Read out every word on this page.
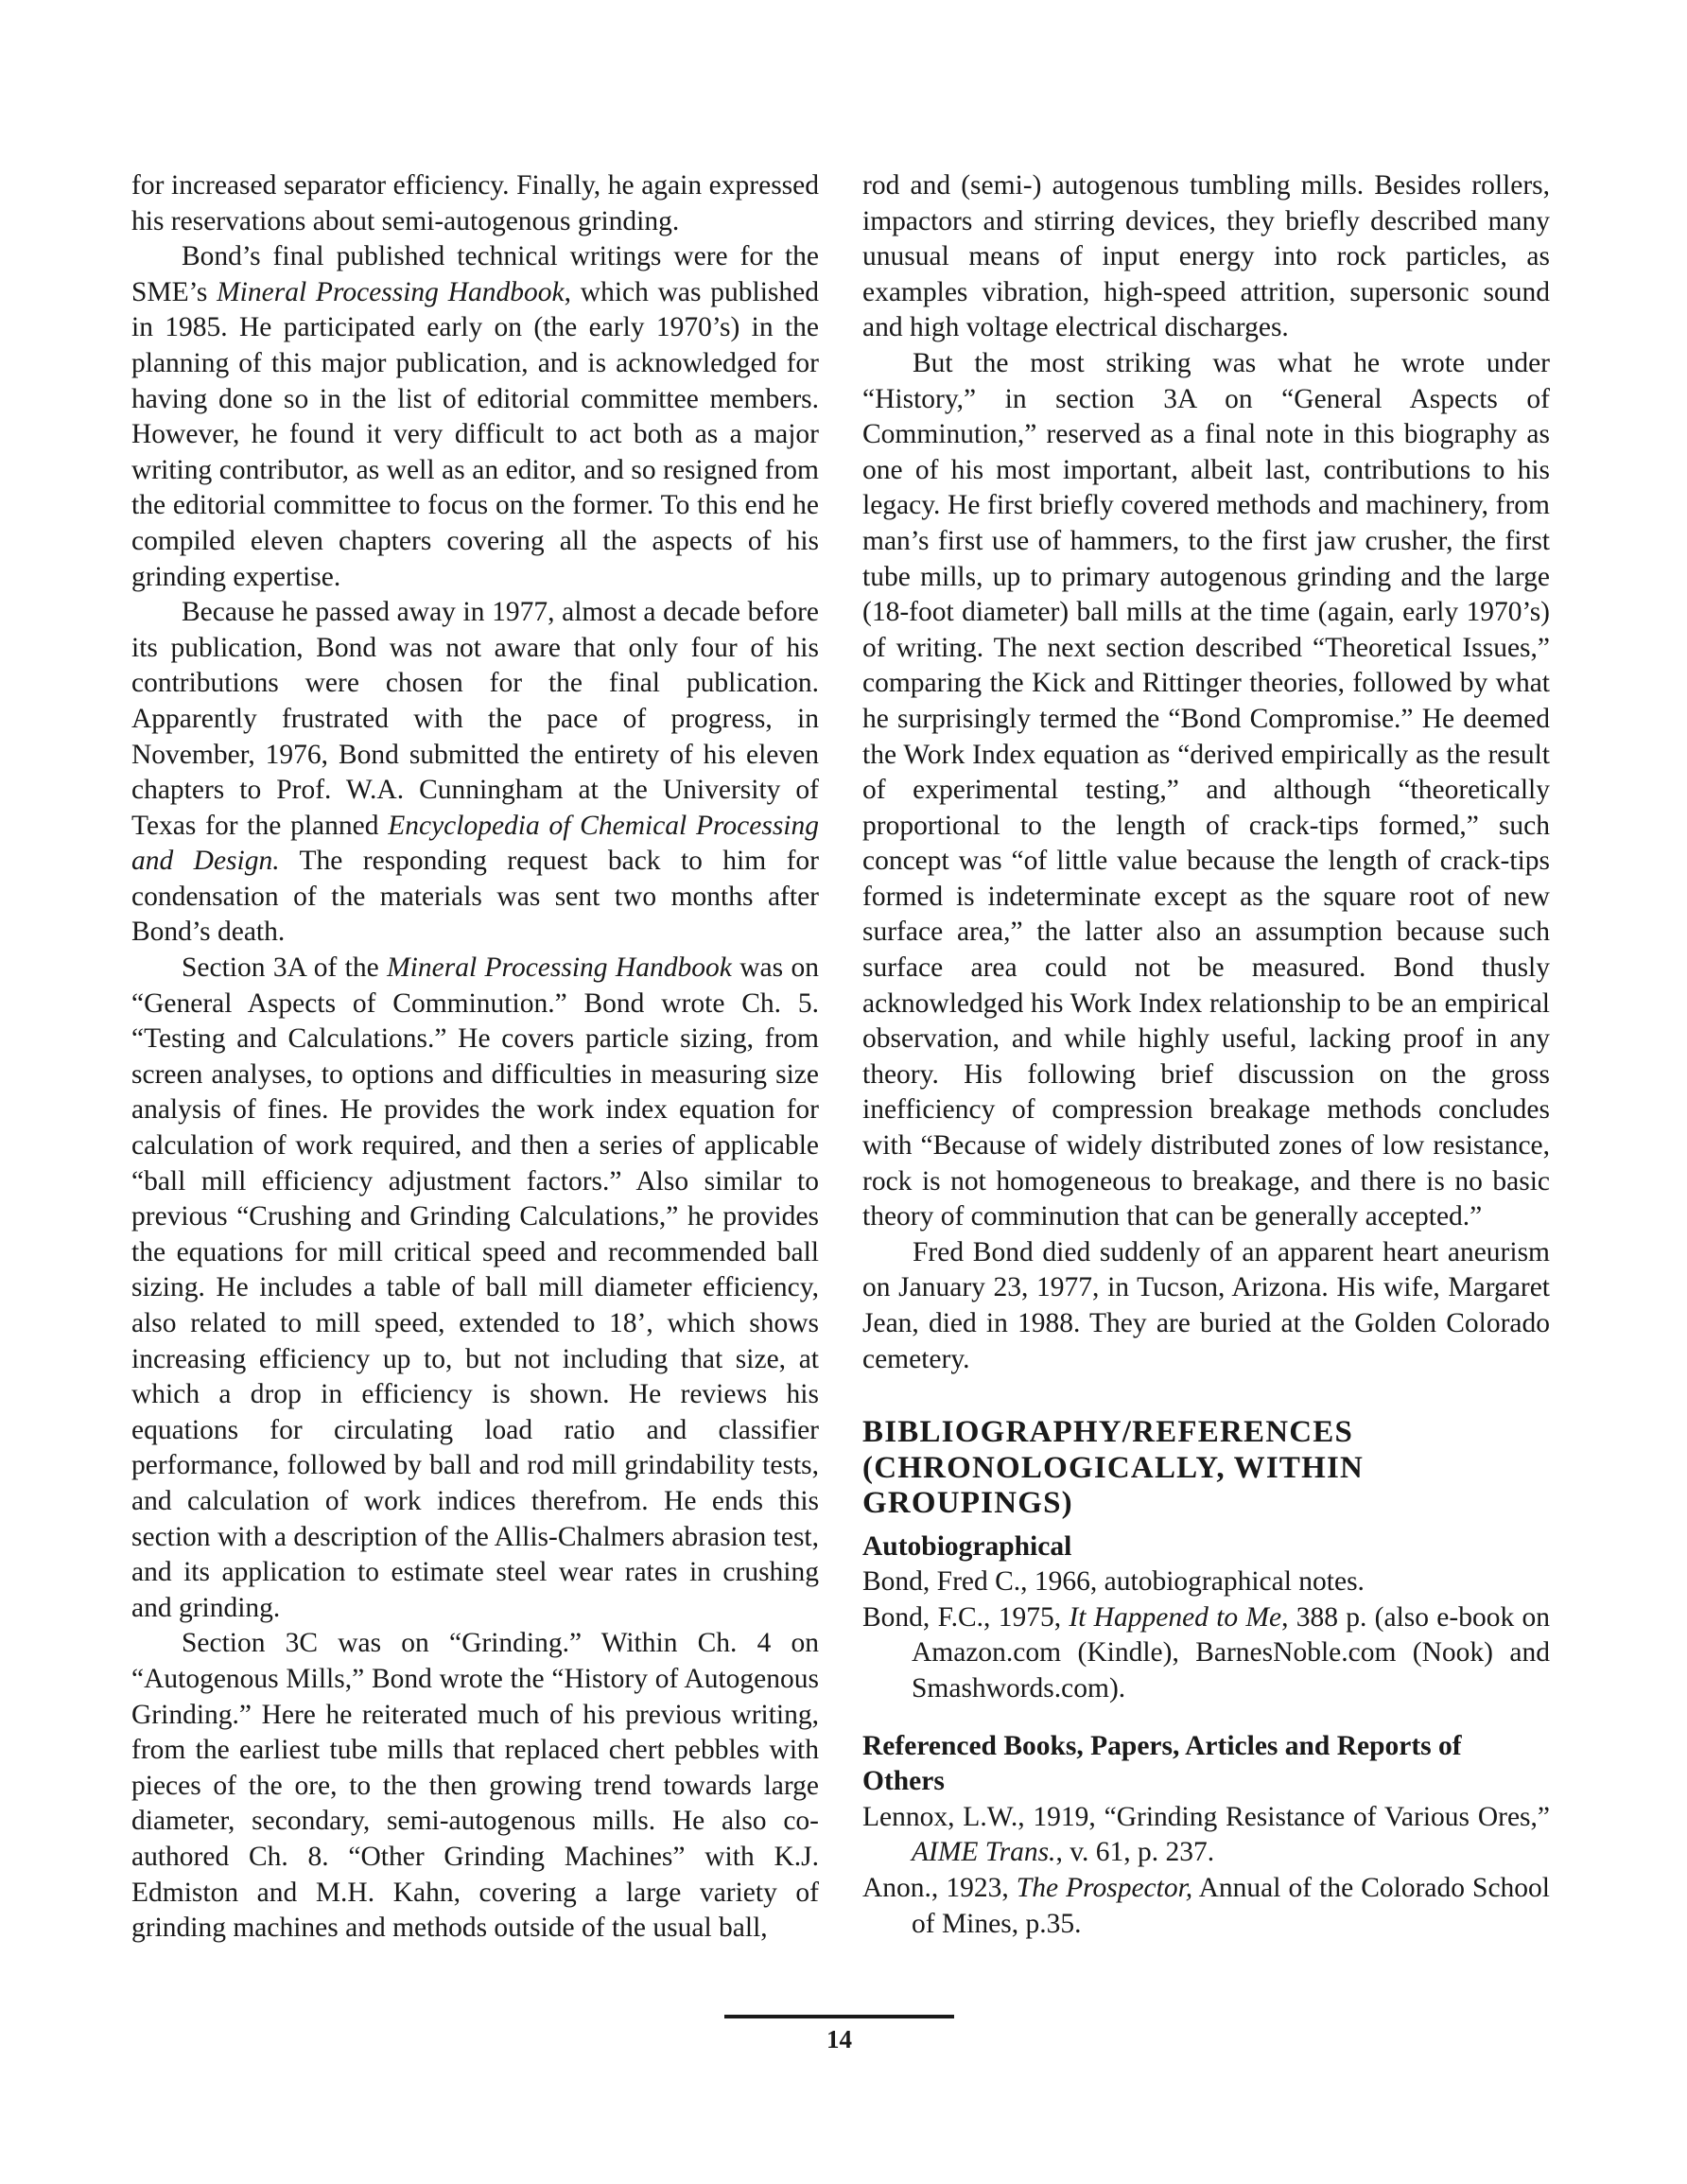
for increased separator efficiency. Finally, he again expressed his reservations about semi-autogenous grinding.

Bond’s final published technical writings were for the SME’s Mineral Processing Handbook, which was published in 1985. He participated early on (the early 1970’s) in the planning of this major publication, and is acknowledged for having done so in the list of editorial committee members. However, he found it very difficult to act both as a major writing contributor, as well as an editor, and so resigned from the editorial committee to focus on the former. To this end he compiled eleven chapters covering all the aspects of his grinding expertise.

Because he passed away in 1977, almost a decade before its publication, Bond was not aware that only four of his contributions were chosen for the final publication. Apparently frustrated with the pace of progress, in November, 1976, Bond submitted the entirety of his eleven chapters to Prof. W.A. Cunningham at the University of Texas for the planned Encyclopedia of Chemical Processing and Design. The responding request back to him for condensation of the materials was sent two months after Bond’s death.

Section 3A of the Mineral Processing Handbook was on “General Aspects of Comminution.” Bond wrote Ch. 5. “Testing and Calculations.” He covers particle sizing, from screen analyses, to options and difficulties in measuring size analysis of fines. He provides the work index equation for calculation of work required, and then a series of applicable “ball mill efficiency adjustment factors.” Also similar to previous “Crushing and Grinding Calculations,” he provides the equations for mill critical speed and recommended ball sizing. He includes a table of ball mill diameter efficiency, also related to mill speed, extended to 18’, which shows increasing efficiency up to, but not including that size, at which a drop in efficiency is shown. He reviews his equations for circulating load ratio and classifier performance, followed by ball and rod mill grindability tests, and calculation of work indices therefrom. He ends this section with a description of the Allis-Chalmers abrasion test, and its application to estimate steel wear rates in crushing and grinding.

Section 3C was on “Grinding.” Within Ch. 4 on “Autogenous Mills,” Bond wrote the “History of Autogenous Grinding.” Here he reiterated much of his previous writing, from the earliest tube mills that replaced chert pebbles with pieces of the ore, to the then growing trend towards large diameter, secondary, semi-autogenous mills. He also co-authored Ch. 8. “Other Grinding Machines” with K.J. Edmiston and M.H. Kahn, covering a large variety of grinding machines and methods outside of the usual ball,

rod and (semi-) autogenous tumbling mills. Besides rollers, impactors and stirring devices, they briefly described many unusual means of input energy into rock particles, as examples vibration, high-speed attrition, supersonic sound and high voltage electrical discharges.

But the most striking was what he wrote under “History,” in section 3A on “General Aspects of Comminution,” reserved as a final note in this biography as one of his most important, albeit last, contributions to his legacy. He first briefly covered methods and machinery, from man’s first use of hammers, to the first jaw crusher, the first tube mills, up to primary autogenous grinding and the large (18-foot diameter) ball mills at the time (again, early 1970’s) of writing. The next section described “Theoretical Issues,” comparing the Kick and Rittinger theories, followed by what he surprisingly termed the “Bond Compromise.” He deemed the Work Index equation as “derived empirically as the result of experimental testing,” and although “theoretically proportional to the length of crack-tips formed,” such concept was “of little value because the length of crack-tips formed is indeterminate except as the square root of new surface area,” the latter also an assumption because such surface area could not be measured. Bond thusly acknowledged his Work Index relationship to be an empirical observation, and while highly useful, lacking proof in any theory. His following brief discussion on the gross inefficiency of compression breakage methods concludes with “Because of widely distributed zones of low resistance, rock is not homogeneous to breakage, and there is no basic theory of comminution that can be generally accepted.”

Fred Bond died suddenly of an apparent heart aneurism on January 23, 1977, in Tucson, Arizona. His wife, Margaret Jean, died in 1988. They are buried at the Golden Colorado cemetery.

BIBLIOGRAPHY/REFERENCES (CHRONOLOGICALLY, WITHIN GROUPINGS)
Autobiographical

Bond, Fred C., 1966, autobiographical notes.

Bond, F.C., 1975, It Happened to Me, 388 p. (also e-book on Amazon.com (Kindle), BarnesNoble.com (Nook) and Smashwords.com).

Referenced Books, Papers, Articles and Reports of Others

Lennox, L.W., 1919, “Grinding Resistance of Various Ores,” AIME Trans., v. 61, p. 237.

Anon., 1923, The Prospector, Annual of the Colorado School of Mines, p.35.

14
